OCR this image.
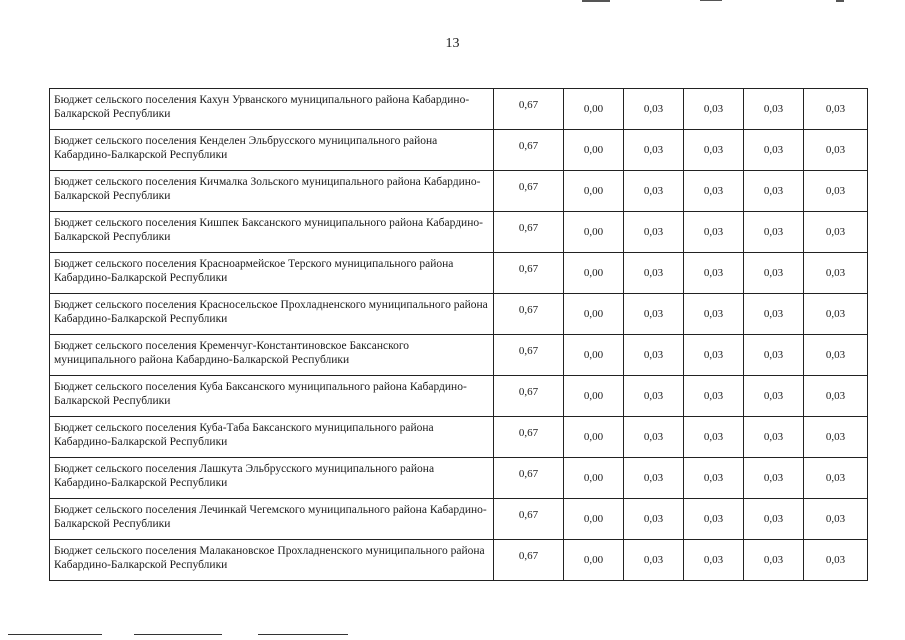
13
Бюджет сельского поселения Кахун Урванского муниципального района Кабардино-Балкарской Республики	0,67	0,00	0,03	0,03	0,03	0,03
Бюджет сельского поселения Кенделен Эльбрусского муниципального района Кабардино-Балкарской Республики	0,67	0,00	0,03	0,03	0,03	0,03
Бюджет сельского поселения Кичмалка Зольского муниципального района Кабардино-Балкарской Республики	0,67	0,00	0,03	0,03	0,03	0,03
Бюджет сельского поселения Кишпек Баксанского муниципального района Кабардино-Балкарской Республики	0,67	0,00	0,03	0,03	0,03	0,03
Бюджет сельского поселения Красноармейское Терского муниципального района Кабардино-Балкарской Республики	0,67	0,00	0,03	0,03	0,03	0,03
Бюджет сельского поселения Красносельское Прохладненского муниципального района Кабардино-Балкарской Республики	0,67	0,00	0,03	0,03	0,03	0,03
Бюджет сельского поселения Кременчуг-Константиновское Баксанского муниципального района Кабардино-Балкарской Республики	0,67	0,00	0,03	0,03	0,03	0,03
Бюджет сельского поселения Куба Баксанского муниципального района Кабардино-Балкарской Республики	0,67	0,00	0,03	0,03	0,03	0,03
Бюджет сельского поселения Куба-Таба Баксанского муниципального района Кабардино-Балкарской Республики	0,67	0,00	0,03	0,03	0,03	0,03
Бюджет сельского поселения Лашкута Эльбрусского муниципального района Кабардино-Балкарской Республики	0,67	0,00	0,03	0,03	0,03	0,03
Бюджет сельского поселения Лечинкай Чегемского муниципального района Кабардино-Балкарской Республики	0,67	0,00	0,03	0,03	0,03	0,03
Бюджет сельского поселения Малакановское Прохладненского муниципального района Кабардино-Балкарской Республики	0,67	0,00	0,03	0,03	0,03	0,03
